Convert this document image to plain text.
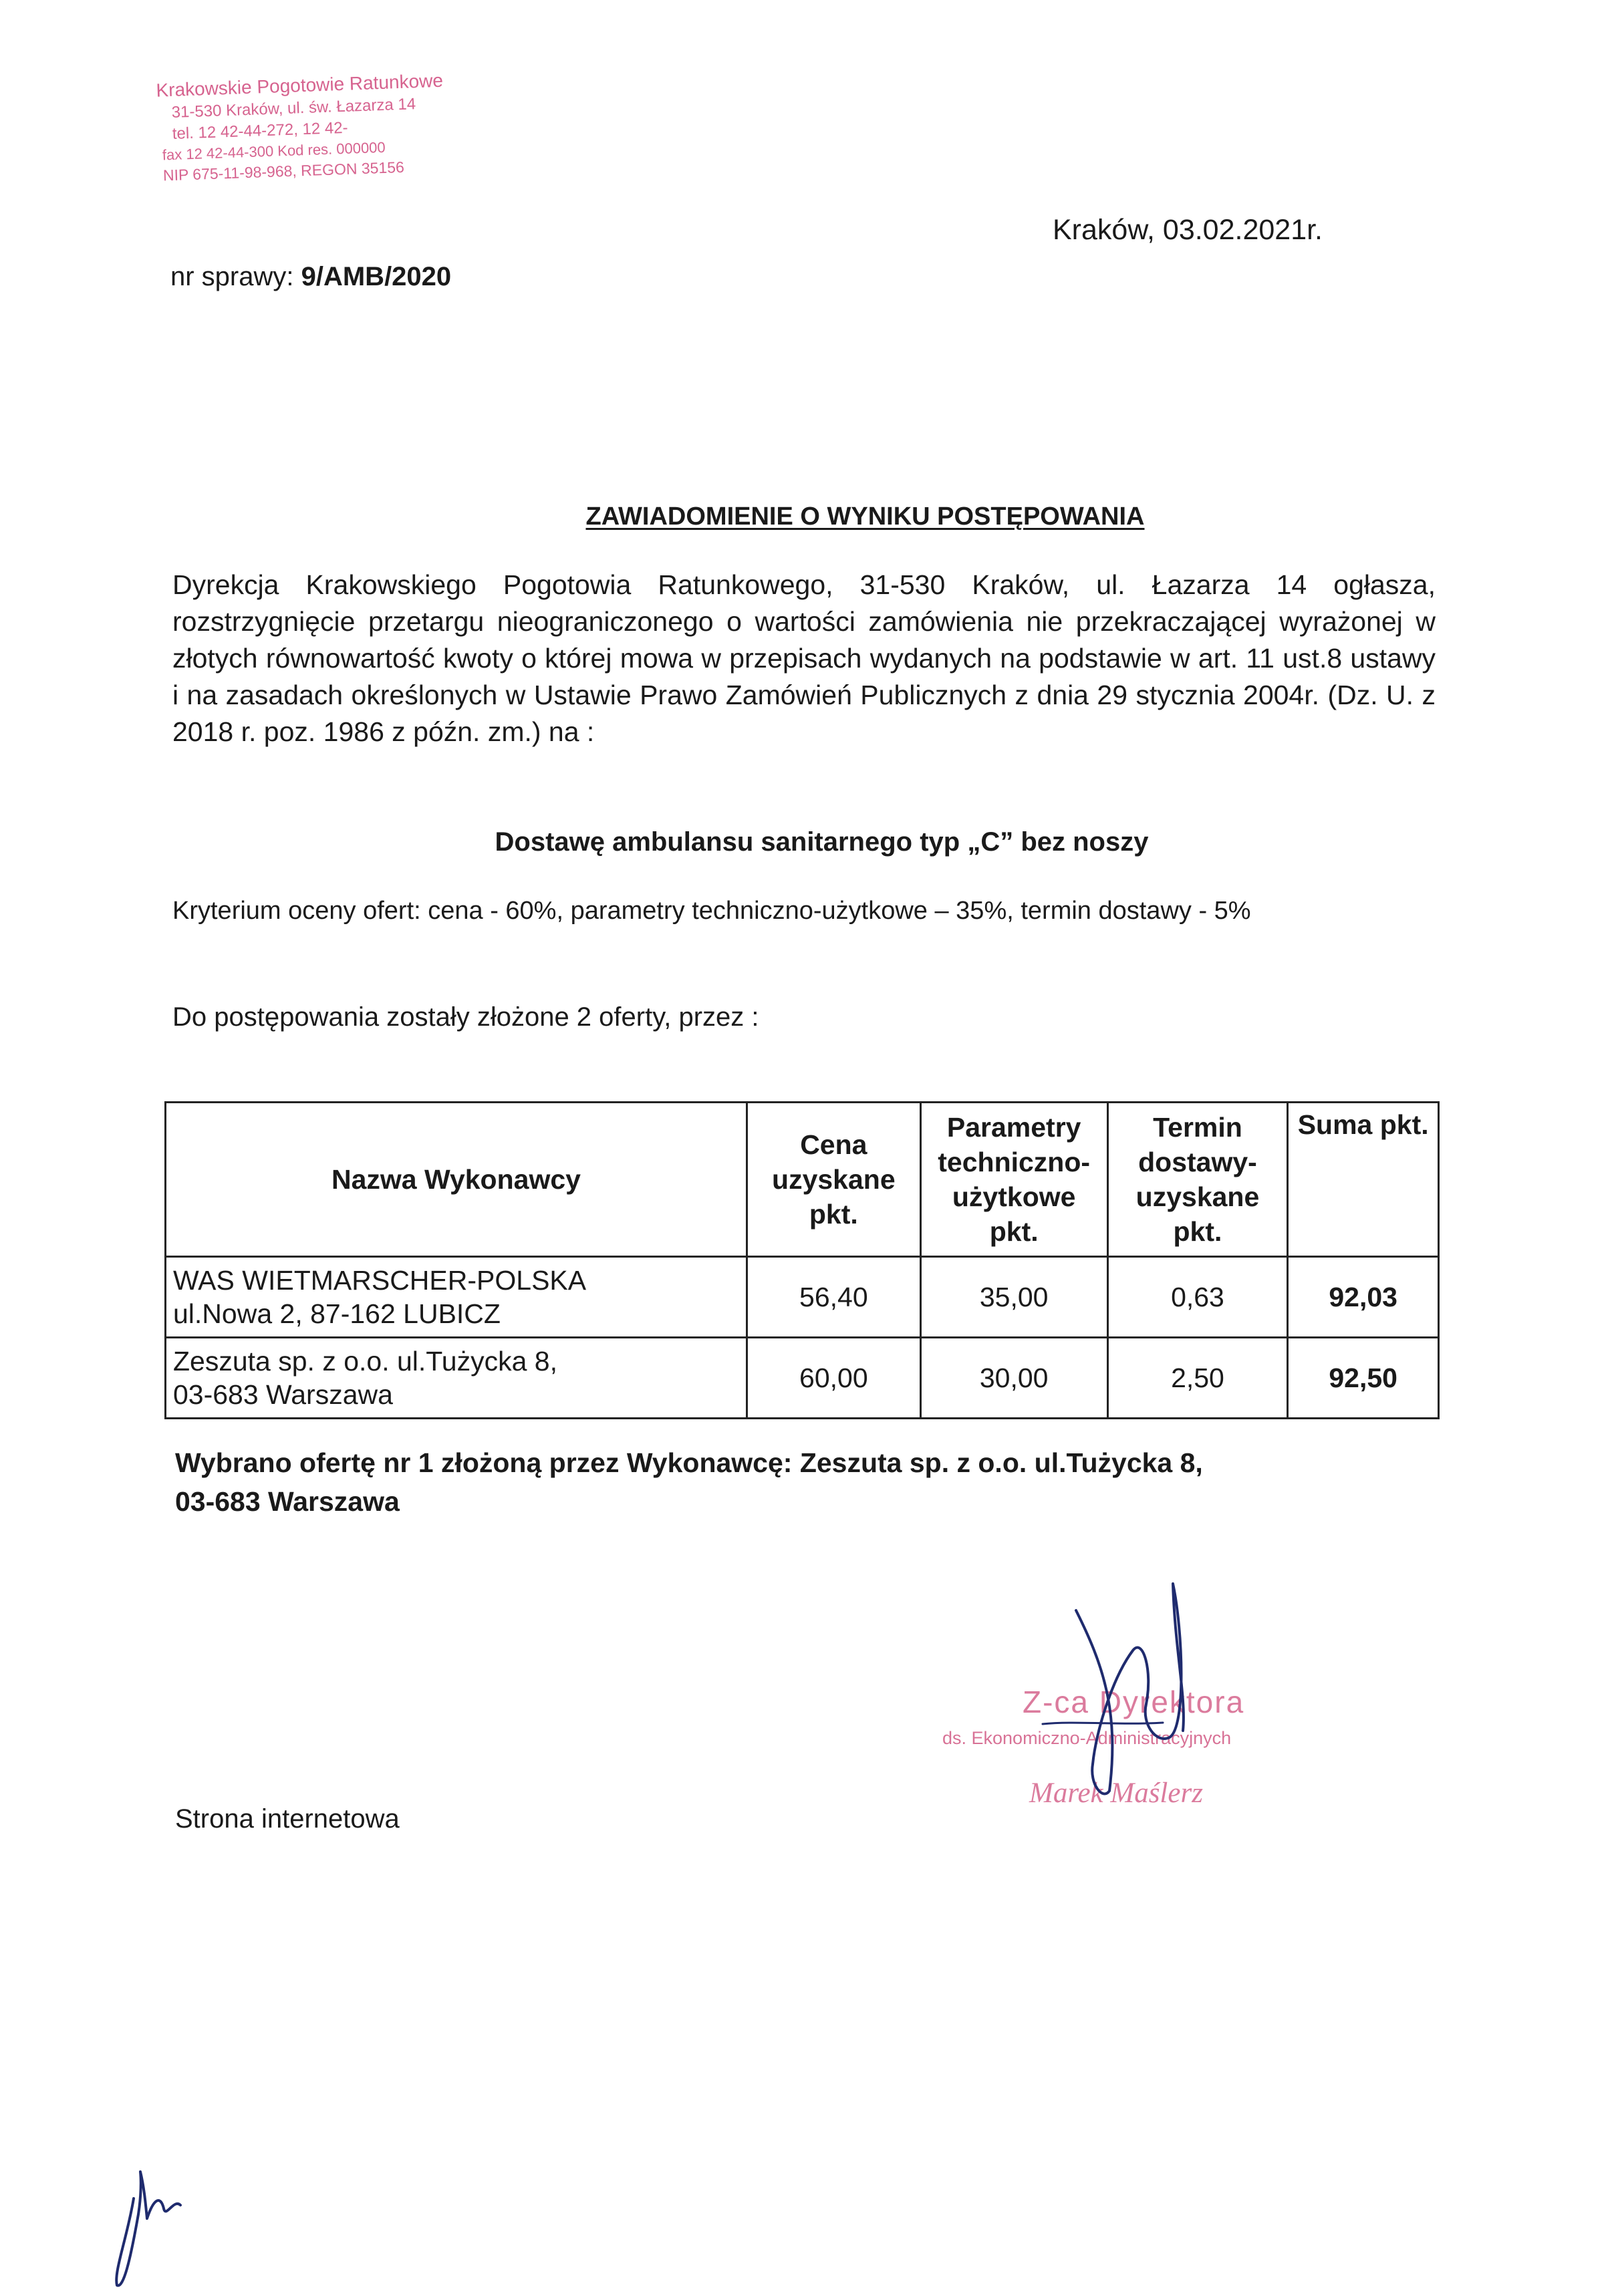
Krakowskie Pogotowie Ratunkowe
31-530 Kraków, ul. św. Łazarza 14
tel. 12 42-44-272, 12 42-
fax 12 42-44-300 Kod res. 000000
NIP 675-11-98-968, REGON 35156
Kraków, 03.02.2021r.
nr sprawy: 9/AMB/2020
ZAWIADOMIENIE O WYNIKU POSTĘPOWANIA
Dyrekcja Krakowskiego Pogotowia Ratunkowego, 31-530 Kraków, ul. Łazarza 14 ogłasza, rozstrzygnięcie przetargu nieograniczonego o wartości zamówienia nie przekraczającej wyrażonej w złotych równowartość kwoty o której mowa w przepisach wydanych na podstawie w art. 11 ust.8 ustawy i na zasadach określonych w Ustawie Prawo Zamówień Publicznych z dnia 29 stycznia 2004r. (Dz. U. z 2018 r. poz. 1986 z późn. zm.) na :
Dostawę ambulansu sanitarnego typ „C” bez noszy
Kryterium oceny ofert: cena - 60%, parametry techniczno-użytkowe – 35%, termin dostawy - 5%
Do postępowania zostały złożone 2 oferty, przez :
Nazwa Wykonawcy	Cena uzyskane pkt.	Parametry techniczno-użytkowe pkt.	Termin dostawy-uzyskane pkt.	Suma pkt.

WAS WIETMARSCHER-POLSKA
ul.Nowa 2, 87-162 LUBICZ	56,40	35,00	0,63	92,03

Zeszuta sp. z o.o. ul.Tużycka 8,
03-683 Warszawa	60,00	30,00	2,50	92,50
Wybrano ofertę nr 1 złożoną przez Wykonawcę: Zeszuta sp. z o.o. ul.Tużycka 8,
03-683 Warszawa
Strona internetowa
Z-ca Dyrektora
ds. Ekonomiczno-Administracyjnych
Marek Maślerz
